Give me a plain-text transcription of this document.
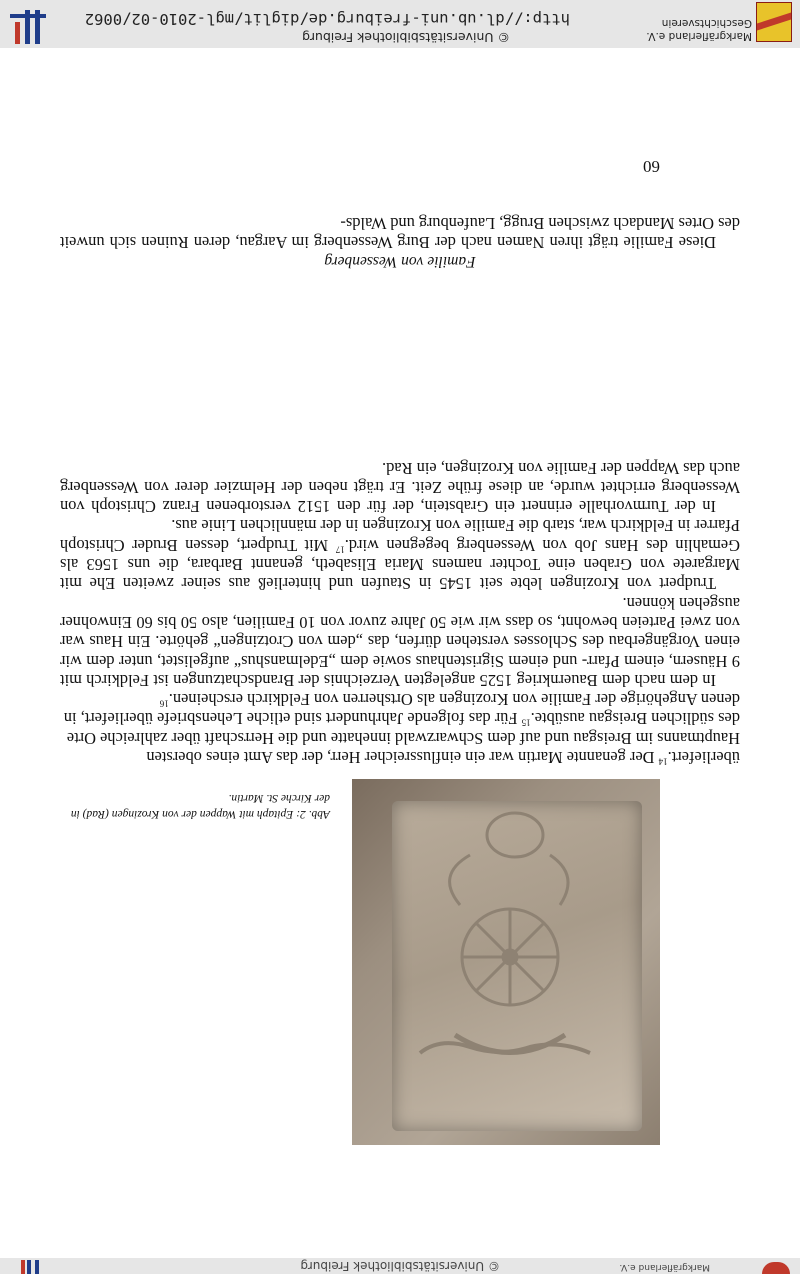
Markgräflerland e.V.
© Universitätsbibliothek Freiburg
Abb. 2: Epitaph mit Wappen der von Krozingen (Rad) in der Kirche St. Martin.

überliefert.$^{14}$ Der genannte Martin war ein einflussreicher Herr, der das Amt eines obersten Hauptmanns im Breisgau und auf dem Schwarzwald innehatte und die Herrschaft über zahlreiche Orte des südlichen Breisgau ausübte.$^{15}$ Für das folgende Jahrhundert sind etliche Lehensbriefe überliefert, in denen Angehörige der Familie von Krozingen als Ortsherren von Feldkirch erscheinen.$^{16}$

In dem nach dem Bauernkrieg 1525 angelegten Verzeichnis der Brandschatzungen ist Feldkirch mit 9 Häusern, einem Pfarr- und einem Sigristenhaus sowie dem „Edelmanshus“ aufgelistet, unter dem wir einen Vorgängerbau des Schlosses verstehen dürfen, das „dem von Crotzingen“ gehörte. Ein Haus war von zwei Parteien bewohnt, so dass wir wie 50 Jahre zuvor von 10 Familien, also 50 bis 60 Einwohner ausgehen können.

Trudpert von Krozingen lebte seit 1545 in Staufen und hinterließ aus seiner zweiten Ehe mit Margarete von Graben eine Tochter namens Maria Elisabeth, genannt Barbara, die uns 1563 als Gemahlin des Hans Job von Wessenberg begegnen wird.$^{17}$ Mit Trudpert, dessen Bruder Christoph Pfarrer in Feldkirch war, starb die Familie von Krozingen in der männlichen Linie aus.

In der Turmvorhalle erinnert ein Grabstein, der für den 1512 verstorbenen Franz Christoph von Wessenberg errichtet wurde, an diese frühe Zeit. Er trägt neben der Helmzier derer von Wessenberg auch das Wappen der Familie von Krozingen, ein Rad.

Familie von Wessenberg

Diese Familie trägt ihren Namen nach der Burg Wessenberg im Aargau, deren Ruinen sich unweit des Ortes Mandach zwischen Brugg, Laufenburg und Walds-

60
Markgräflerland e.V.
Geschichtsverein
© Universitätsbibliothek Freiburg
http://dl.ub.uni-freiburg.de/diglit/mgl-2010-02/0062
